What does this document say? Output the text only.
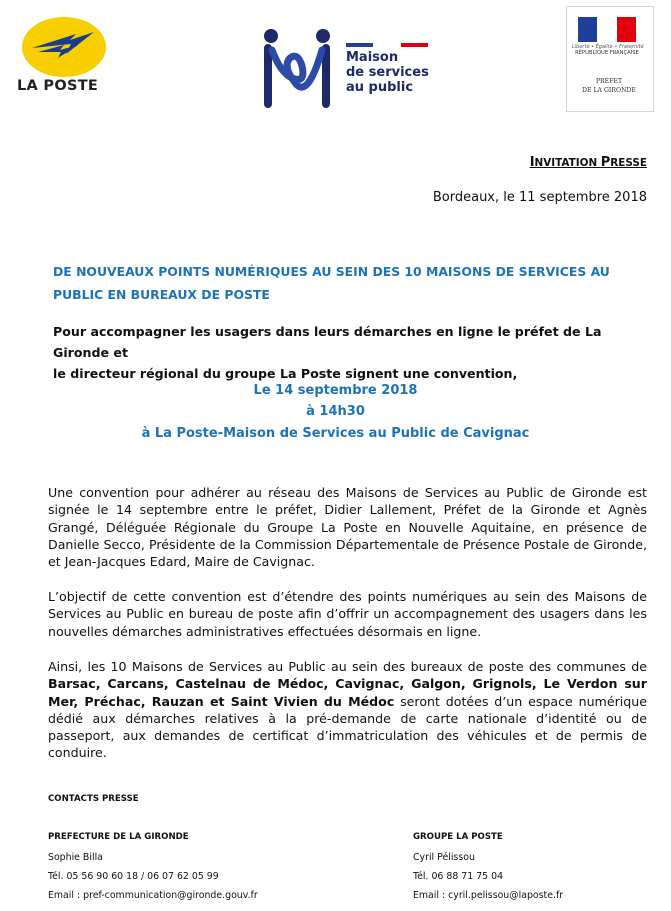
LA POSTE
Maison
de services
au public
Liberté • Égalité • Fraternité
RÉPUBLIQUE FRANÇAISE
PRÉFET
DE LA GIRONDE
INVITATION PRESSE
Bordeaux, le 11 septembre 2018
DE NOUVEAUX POINTS NUMÉRIQUES AU SEIN DES 10 MAISONS DE SERVICES AU
PUBLIC EN BUREAUX DE POSTE
Pour accompagner les usagers dans leurs démarches en ligne le préfet de La Gironde et
le directeur régional du groupe La Poste signent une convention,
Le 14 septembre 2018
à 14h30
à La Poste-Maison de Services au Public de Cavignac
Une convention pour adhérer au réseau des Maisons de Services au Public de Gironde est signée le 14 septembre entre le préfet, Didier Lallement, Préfet de la Gironde et Agnès Grangé, Déléguée Régionale du Groupe La Poste en Nouvelle Aquitaine, en présence de Danielle Secco, Présidente de la Commission Départementale de Présence Postale de Gironde, et Jean-Jacques Edard, Maire de Cavignac.
L’objectif de cette convention est d’étendre des points numériques au sein des Maisons de Services au Public en bureau de poste afin d’offrir un accompagnement des usagers dans les nouvelles démarches administratives effectuées désormais en ligne.
Ainsi, les 10 Maisons de Services au Public au sein des bureaux de poste des communes de Barsac, Carcans, Castelnau de Médoc, Cavignac, Galgon, Grignols, Le Verdon sur Mer, Préchac, Rauzan et Saint Vivien du Médoc seront dotées d’un espace numérique dédié aux démarches relatives à la pré-demande de carte nationale d’identité ou de passeport, aux demandes de certificat d’immatriculation des véhicules et de permis de conduire.
CONTACTS PRESSE
PREFECTURE DE LA GIRONDE
Sophie Billa
Tél. 05 56 90 60 18 / 06 07 62 05 99
Email : pref-communication@gironde.gouv.fr
GROUPE LA POSTE
Cyril Pélissou
Tél. 06 88 71 75 04
Email : cyril.pelissou@laposte.fr
